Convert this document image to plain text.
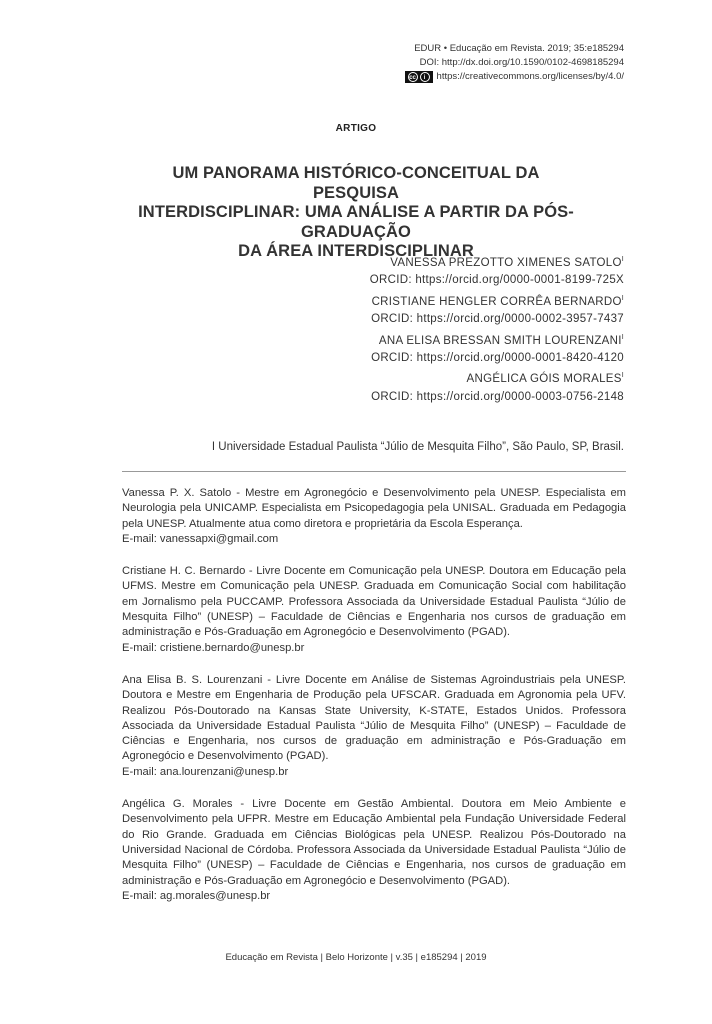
EDUR • Educação em Revista. 2019; 35:e185294
DOI: http://dx.doi.org/10.1590/0102-4698185294
cc	i	https://creativecommons.org/licenses/by/4.0/
ARTIGO
UM PANORAMA HISTÓRICO-CONCEITUAL DA PESQUISA
INTERDISCIPLINAR: UMA ANÁLISE A PARTIR DA PÓS-GRADUAÇÃO
DA ÁREA INTERDISCIPLINAR
VANESSA PREZOTTO XIMENES $SATOLO^I$
ORCID: https://orcid.org/0000-0001-8199-725X
CRISTIANE HENGLER CORRÊA $BERNARDO^I$
ORCID: https://orcid.org/0000-0002-3957-7437
ANA ELISA BRESSAN SMITH $LOURENZANI^I$
ORCID: https://orcid.org/0000-0001-8420-4120
ANGÉLICA GÓIS $MORALES^I$
ORCID: https://orcid.org/0000-0003-0756-2148
I Universidade Estadual Paulista “Júlio de Mesquita Filho”, São Paulo, SP, Brasil.
Vanessa P. X. Satolo - Mestre em Agronegócio e Desenvolvimento pela UNESP. Especialista em Neurologia pela UNICAMP. Especialista em Psicopedagogia pela UNISAL. Graduada em Pedagogia pela UNESP. Atualmente atua como diretora e proprietária da Escola Esperança.
E-mail: vanessapxi@gmail.com
Cristiane H. C. Bernardo - Livre Docente em Comunicação pela UNESP. Doutora em Educação pela UFMS. Mestre em Comunicação pela UNESP. Graduada em Comunicação Social com habilitação em Jornalismo pela PUCCAMP. Professora Associada da Universidade Estadual Paulista “Júlio de Mesquita Filho” (UNESP) – Faculdade de Ciências e Engenharia nos cursos de graduação em administração e Pós-Graduação em Agronegócio e Desenvolvimento (PGAD).
E-mail: cristiene.bernardo@unesp.br
Ana Elisa B. S. Lourenzani - Livre Docente em Análise de Sistemas Agroindustriais pela UNESP. Doutora e Mestre em Engenharia de Produção pela UFSCAR. Graduada em Agronomia pela UFV. Realizou Pós-Doutorado na Kansas State University, K-STATE, Estados Unidos. Professora Associada da Universidade Estadual Paulista “Júlio de Mesquita Filho” (UNESP) – Faculdade de Ciências e Engenharia, nos cursos de graduação em administração e Pós-Graduação em Agronegócio e Desenvolvimento (PGAD).
E-mail: ana.lourenzani@unesp.br
Angélica G. Morales - Livre Docente em Gestão Ambiental. Doutora em Meio Ambiente e Desenvolvimento pela UFPR. Mestre em Educação Ambiental pela Fundação Universidade Federal do Rio Grande. Graduada em Ciências Biológicas pela UNESP. Realizou Pós-Doutorado na Universidad Nacional de Córdoba. Professora Associada da Universidade Estadual Paulista “Júlio de Mesquita Filho” (UNESP) – Faculdade de Ciências e Engenharia, nos cursos de graduação em administração e Pós-Graduação em Agronegócio e Desenvolvimento (PGAD).
E-mail: ag.morales@unesp.br
Educação em Revista | Belo Horizonte | v.35 | e185294 | 2019
